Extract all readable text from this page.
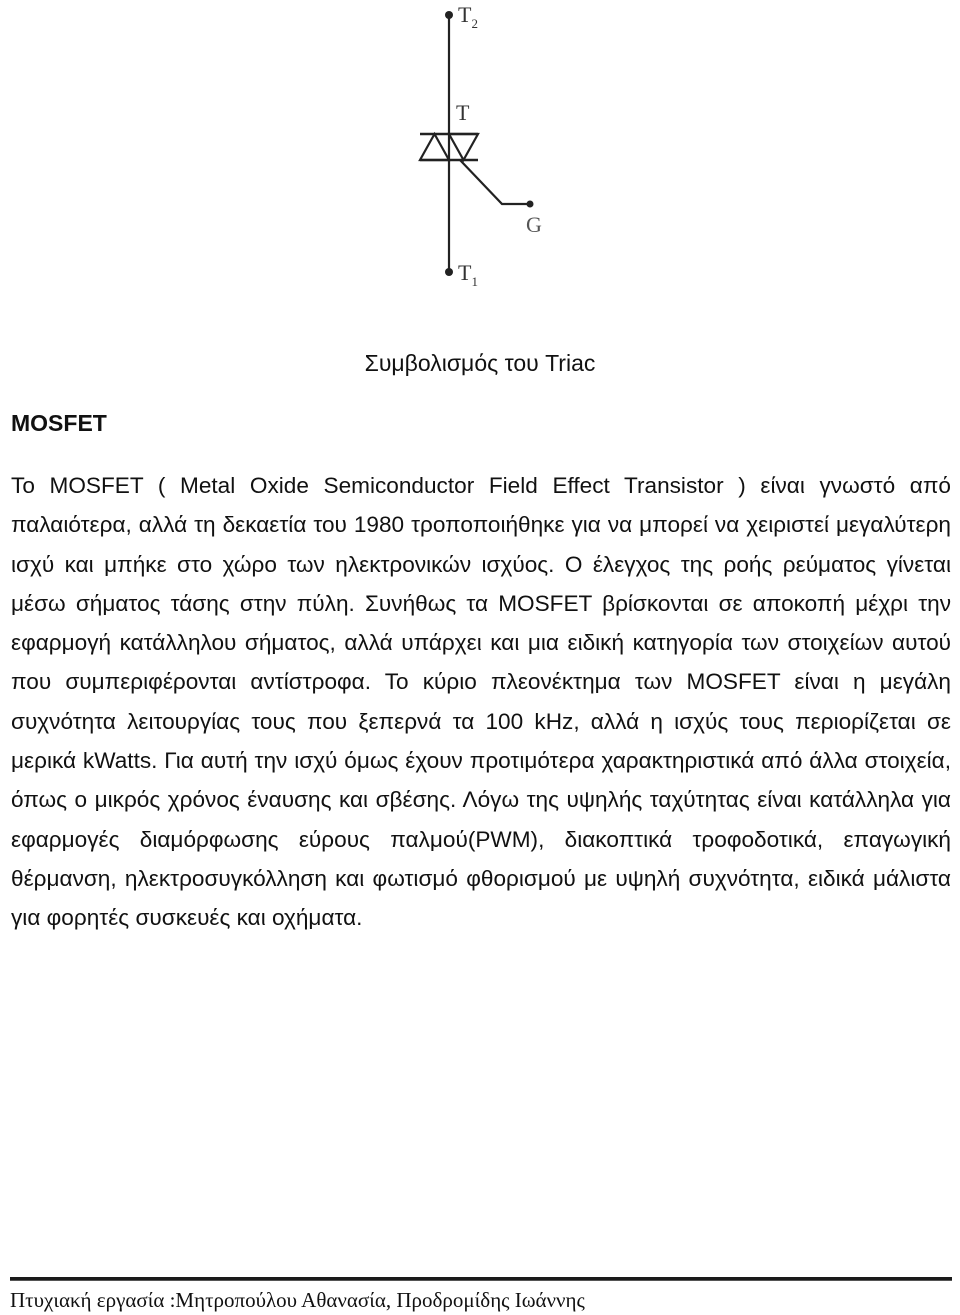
$T_2$
T
G
$T_1$
Συμβολισμός του Triac
MOSFET
Το MOSFET ( Metal Oxide Semiconductor Field Effect Transistor ) είναι γνωστό από παλαιότερα, αλλά τη δεκαετία του 1980 τροποποιήθηκε για να μπορεί να χειριστεί μεγαλύτερη ισχύ και μπήκε στο χώρο των ηλεκτρονικών ισχύος. Ο έλεγχος της ροής ρεύματος γίνεται μέσω σήματος τάσης στην πύλη. Συνήθως τα MOSFET βρίσκονται σε αποκοπή μέχρι την εφαρμογή κατάλληλου σήματος, αλλά υπάρχει και μια ειδική κατηγορία των στοιχείων αυτού που συμπεριφέρονται αντίστροφα. Το κύριο πλεονέκτημα των MOSFET είναι η μεγάλη συχνότητα λειτουργίας τους που ξεπερνά τα 100 kHz, αλλά η ισχύς τους περιορίζεται σε μερικά kWatts. Για αυτή την ισχύ όμως έχουν προτιμότερα χαρακτηριστικά από άλλα στοιχεία, όπως ο μικρός χρόνος έναυσης και σβέσης. Λόγω της υψηλής ταχύτητας είναι κατάλληλα για εφαρμογές διαμόρφωσης εύρους παλμού(PWM), διακοπτικά τροφοδοτικά, επαγωγική θέρμανση, ηλεκτροσυγκόλληση και φωτισμό φθορισμού με υψηλή συχνότητα, ειδικά μάλιστα για φορητές συσκευές και οχήματα.
Πτυχιακή εργασία :Μητροπούλου Αθανασία, Προδρομίδης Ιωάννης
